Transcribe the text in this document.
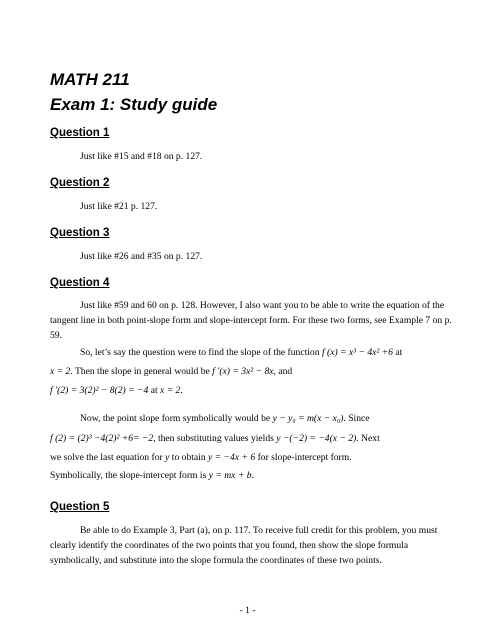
MATH 211
Exam 1: Study guide
Question 1
Just like #15 and #18 on p. 127.
Question 2
Just like #21 p. 127.
Question 3
Just like #26 and #35 on p. 127.
Question 4
Just like #59 and 60 on p. 128. However, I also want you to be able to write the equation of the tangent line in both point-slope form and slope-intercept form. For these two forms, see Example 7 on p. 59.
So, let’s say the question were to find the slope of the function f (x) = x³ − 4x² +6 at
x = 2. Then the slope in general would be f ′(x) = 3x² − 8x, and
f ′(2) = 3(2)² − 8(2) = −4 at x = 2.
Now, the point slope form symbolically would be y − y₀ = m(x − x₀). Since
f (2) = (2)³ −4(2)² +6= −2, then substituting values yields y −(−2) = −4(x − 2). Next
we solve the last equation for y to obtain y = −4x + 6 for slope-intercept form.
Symbolically, the slope-intercept form is y = mx + b.
Question 5
Be able to do Example 3, Part (a), on p. 117. To receive full credit for this problem, you must clearly identify the coordinates of the two points that you found, then show the slope formula symbolically, and substitute into the slope formula the coordinates of these two points.
- 1 -
